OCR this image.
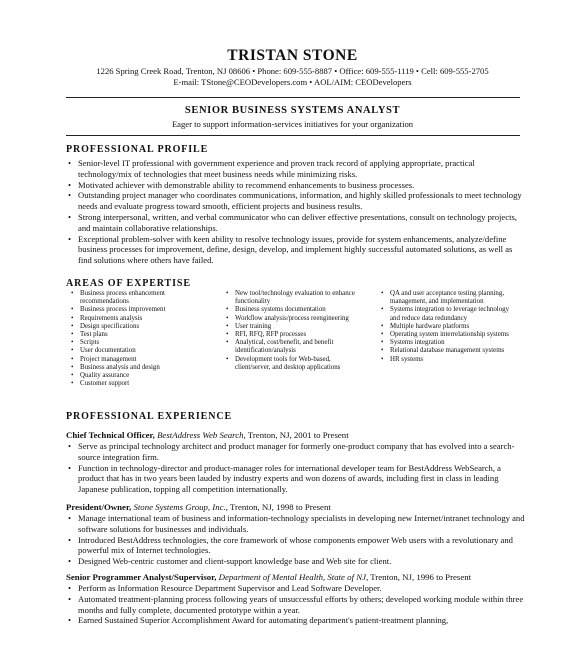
TRISTAN STONE
1226 Spring Creek Road, Trenton, NJ 08606 • Phone: 609-555-8887 • Office: 609-555-1119 • Cell: 609-555-2705
E-mail: TStone@CEODevelopers.com • AOL/AIM: CEODevelopers
SENIOR BUSINESS SYSTEMS ANALYST
Eager to support information-services initiatives for your organization
PROFESSIONAL PROFILE
• Senior-level IT professional with government experience and proven track record of applying appropriate, practical technology/mix of technologies that meet business needs while minimizing risks.
• Motivated achiever with demonstrable ability to recommend enhancements to business processes.
• Outstanding project manager who coordinates communications, information, and highly skilled professionals to meet technology needs and evaluate progress toward smooth, efficient projects and business results.
• Strong interpersonal, written, and verbal communicator who can deliver effective presentations, consult on technology projects, and maintain collaborative relationships.
• Exceptional problem-solver with keen ability to resolve technology issues, provide for system enhancements, analyze/define business processes for improvement, define, design, develop, and implement highly successful automated solutions, as well as find solutions where others have failed.
AREAS OF EXPERTISE
• Business process enhancement recommendations
• Business process improvement
• Requirements analysis
• Design specifications
• Test plans
• Scripts
• User documentation
• Project management
• Business analysis and design
• Quality assurance
• Customer support
• New tool/technology evaluation to enhance functionality
• Business systems documentation
• Workflow analysis/process reengineering
• User training
• RFI, RFQ, RFP processes
• Analytical, cost/benefit, and benefit identification/analysis
• Development tools for Web-based, client/server, and desktop applications
• QA and user acceptance testing planning, management, and implementation
• Systems integration to leverage technology and reduce data redundancy
• Multiple hardware platforms
• Operating system interrelationship systems
• Systems integration
• Relational database management systems
• HR systems
PROFESSIONAL EXPERIENCE
Chief Technical Officer, BestAddress Web Search, Trenton, NJ, 2001 to Present
• Serve as principal technology architect and product manager for formerly one-product company that has evolved into a search-source integration firm.
• Function in technology-director and product-manager roles for international developer team for BestAddress WebSearch, a product that has in two years been lauded by industry experts and won dozens of awards, including first in class in leading Japanese publication, topping all competition internationally.
President/Owner, Stone Systems Group, Inc., Trenton, NJ, 1998 to Present
• Manage international team of business and information-technology specialists in developing new Internet/intranet technology and software solutions for businesses and individuals.
• Introduced BestAddress technologies, the core framework of whose components empower Web users with a revolutionary and powerful mix of Internet technologies.
• Designed Web-centric customer and client-support knowledge base and Web site for client.
Senior Programmer Analyst/Supervisor, Department of Mental Health, State of NJ, Trenton, NJ, 1996 to Present
• Perform as Information Resource Department Supervisor and Lead Software Developer.
• Automated treatment-planning process following years of unsuccessful efforts by others; developed working module within three months and fully complete, documented prototype within a year.
• Earned Sustained Superior Accomplishment Award for automating department's patient-treatment planning,
